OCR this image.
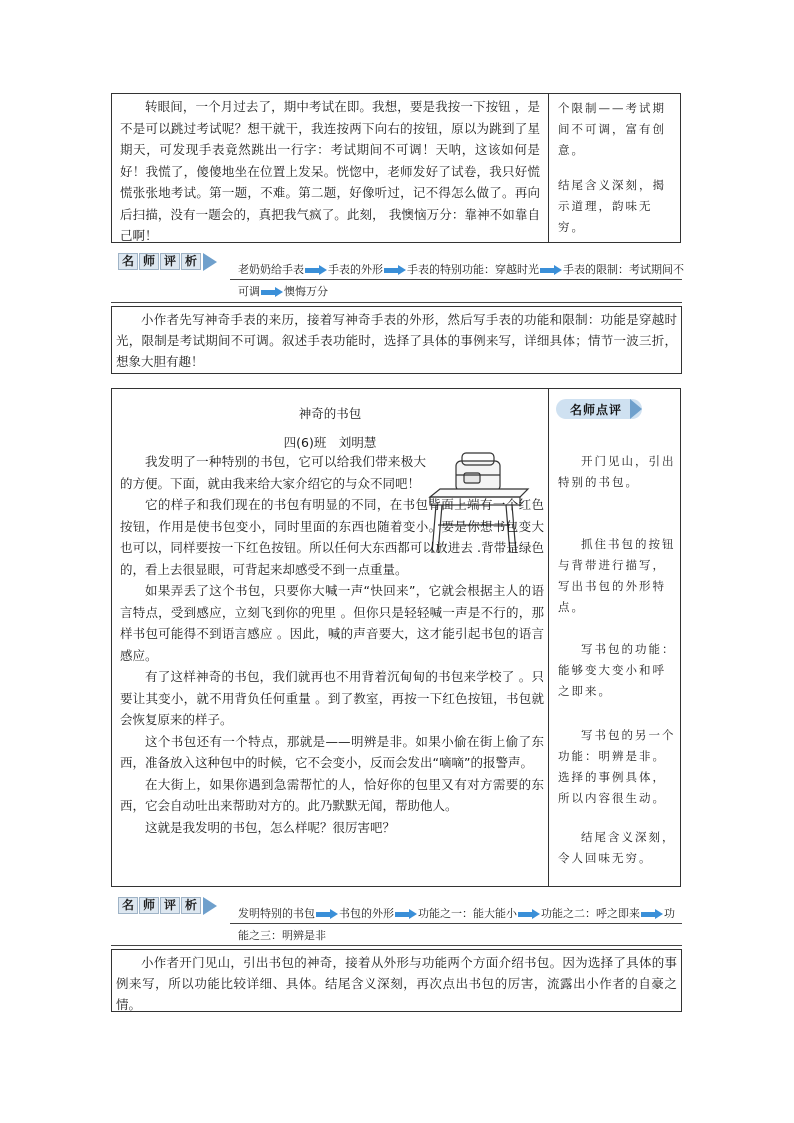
转眼间，一个月过去了，期中考试在即。我想，要是我按一下按钮 ，是不是可以跳过考试呢？想干就干，我连按两下向右的按钮，原以为跳到了星期天，可发现手表竟然跳出一行字：考试期间不可调！天呐，这该如何是好！我慌了，傻傻地坐在位置上发呆。恍惚中，老师发好了试卷，我只好慌慌张张地考试。第一题，不难。第二题，好像听过，记不得怎么做了。再向后扫描，没有一题会的，真把我气疯了。此刻， 我懊恼万分：靠神不如靠自己啊！
个限制——考试期间不可调，富有创意。
结尾含义深刻，揭示道理，韵味无穷。
名 师 评 析
老奶奶给手表 手表的外形 手表的特别功能：穿越时光 手表的限制：考试期间不可调 懊悔万分
小作者先写神奇手表的来历，接着写神奇手表的外形，然后写手表的功能和限制：功能是穿越时光，限制是考试期间不可调。叙述手表功能时，选择了具体的事例来写，详细具体；情节一波三折，想象大胆有趣！
神奇的书包
四(6)班　刘明慧
我发明了一种特别的书包，它可以给我们带来极大的方便。下面，就由我来给大家介绍它的与众不同吧！
它的样子和我们现在的书包有明显的不同，在书包背面上端有一个红色按钮，作用是使书包变小，同时里面的东西也随着变小。要是你想书包变大也可以，同样要按一下红色按钮。所以任何大东西都可以放进去 .背带是绿色的，看上去很显眼，可背起来却感受不到一点重量。
如果弄丢了这个书包，只要你大喊一声“快回来”，它就会根据主人的语言特点，受到感应，立刻飞到你的兜里 。但你只是轻轻喊一声是不行的，那样书包可能得不到语言感应 。因此，喊的声音要大，这才能引起书包的语言感应。
有了这样神奇的书包，我们就再也不用背着沉甸甸的书包来学校了 。只要让其变小，就不用背负任何重量 。到了教室，再按一下红色按钮，书包就会恢复原来的样子。
这个书包还有一个特点，那就是——明辨是非。如果小偷在街上偷了东西，准备放入这种包中的时候，它不会变小，反而会发出“嘀嘀”的报警声。
在大街上，如果你遇到急需帮忙的人，恰好你的包里又有对方需要的东西，它会自动吐出来帮助对方的。此乃默默无闻，帮助他人。
这就是我发明的书包，怎么样呢？很厉害吧？
名师点评
开门见山，引出特别的书包。
抓住书包的按钮与背带进行描写，写出书包的外形特点。
写书包的功能：能够变大变小和呼之即来。
写书包的另一个功能：明辨是非。选择的事例具体，所以内容很生动。
结尾含义深刻，令人回味无穷。
名 师 评 析
发明特别的书包 书包的外形 功能之一：能大能小 功能之二：呼之即来 功能之三：明辨是非
小作者开门见山，引出书包的神奇，接着从外形与功能两个方面介绍书包。因为选择了具体的事例来写，所以功能比较详细、具体。结尾含义深刻，再次点出书包的厉害，流露出小作者的自豪之情。
